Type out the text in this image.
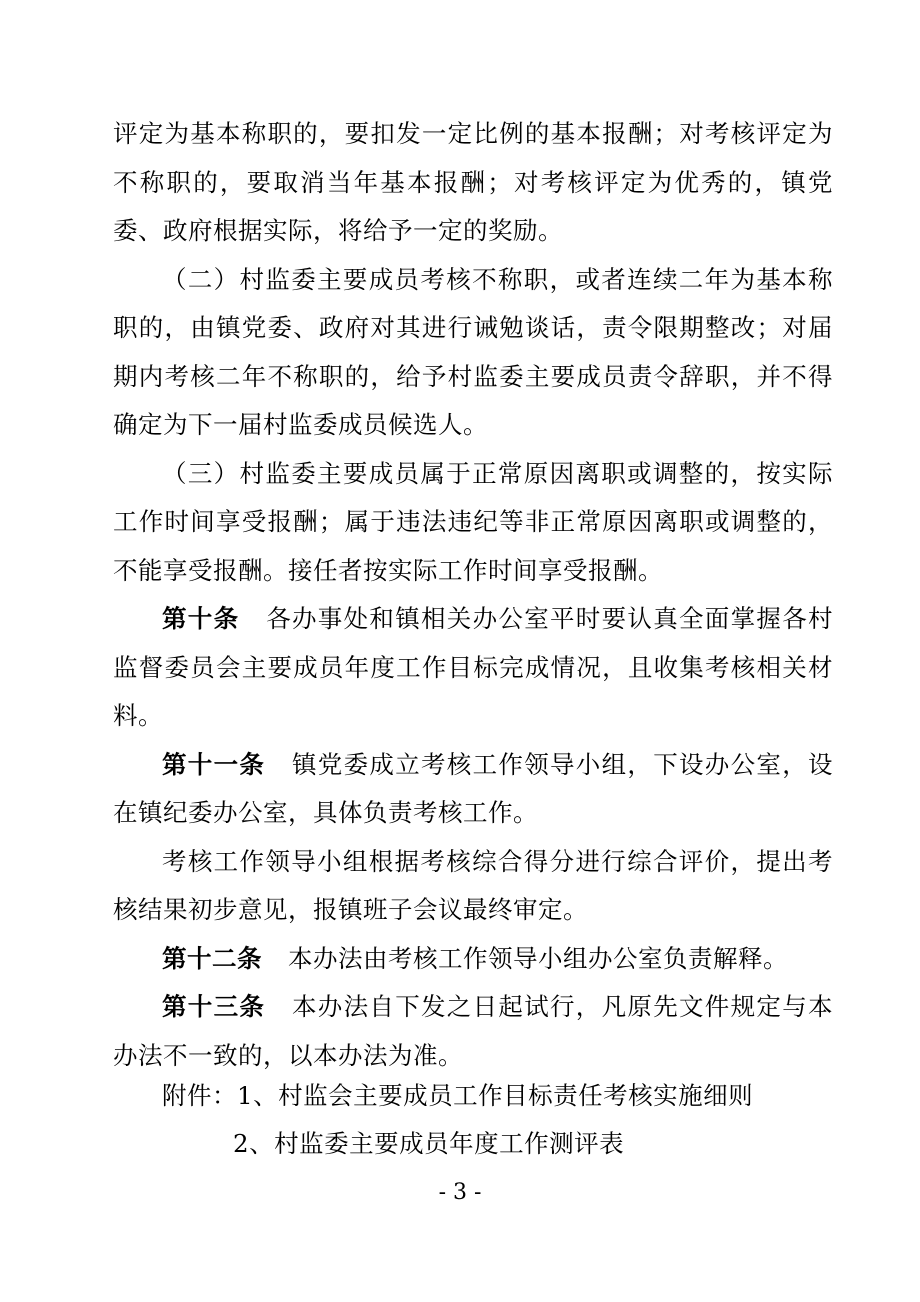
评定为基本称职的，要扣发一定比例的基本报酬；对考核评定为不称职的，要取消当年基本报酬；对考核评定为优秀的，镇党委、政府根据实际，将给予一定的奖励。

（二）村监委主要成员考核不称职，或者连续二年为基本称职的，由镇党委、政府对其进行诫勉谈话，责令限期整改；对届期内考核二年不称职的，给予村监委主要成员责令辞职，并不得确定为下一届村监委成员候选人。

（三）村监委主要成员属于正常原因离职或调整的，按实际工作时间享受报酬；属于违法违纪等非正常原因离职或调整的，不能享受报酬。接任者按实际工作时间享受报酬。

第十条 各办事处和镇相关办公室平时要认真全面掌握各村监督委员会主要成员年度工作目标完成情况，且收集考核相关材料。

第十一条 镇党委成立考核工作领导小组，下设办公室，设在镇纪委办公室，具体负责考核工作。

考核工作领导小组根据考核综合得分进行综合评价，提出考核结果初步意见，报镇班子会议最终审定。

第十二条 本办法由考核工作领导小组办公室负责解释。

第十三条 本办法自下发之日起试行，凡原先文件规定与本办法不一致的，以本办法为准。

附件：1、村监会主要成员工作目标责任考核实施细则
2、村监委主要成员年度工作测评表
- 3 -
